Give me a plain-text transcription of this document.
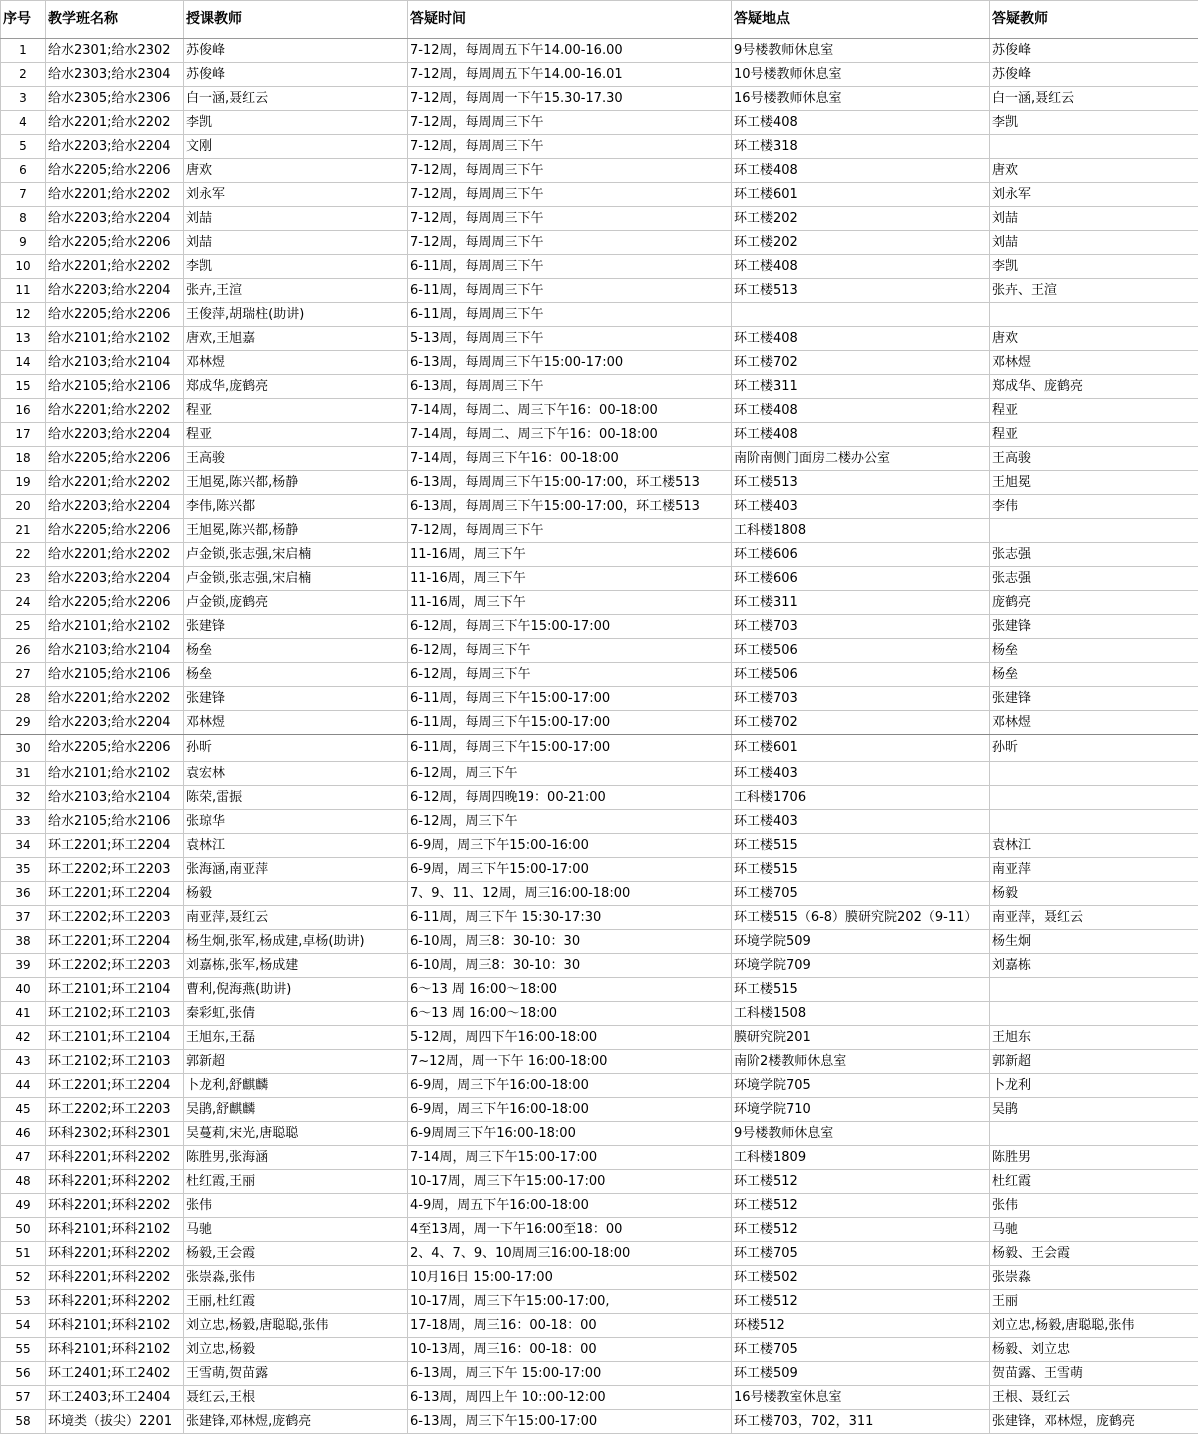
序号	教学班名称	授课教师	答疑时间	答疑地点	答疑教师
1	给水2301;给水2302	苏俊峰	7-12周，每周周五下午14.00-16.00	9号楼教师休息室	苏俊峰
2	给水2303;给水2304	苏俊峰	7-12周，每周周五下午14.00-16.01	10号楼教师休息室	苏俊峰
3	给水2305;给水2306	白一涵,聂红云	7-12周，每周周一下午15.30-17.30	16号楼教师休息室	白一涵,聂红云
4	给水2201;给水2202	李凯	7-12周，每周周三下午	环工楼408	李凯
5	给水2203;给水2204	文刚	7-12周，每周周三下午	环工楼318	
6	给水2205;给水2206	唐欢	7-12周，每周周三下午	环工楼408	唐欢
7	给水2201;给水2202	刘永军	7-12周，每周周三下午	环工楼601	刘永军
8	给水2203;给水2204	刘喆	7-12周，每周周三下午	环工楼202	刘喆
9	给水2205;给水2206	刘喆	7-12周，每周周三下午	环工楼202	刘喆
10	给水2201;给水2202	李凯	6-11周，每周周三下午	环工楼408	李凯
11	给水2203;给水2204	张卉,王渲	6-11周，每周周三下午	环工楼513	张卉、王渲
12	给水2205;给水2206	王俊萍,胡瑞柱(助讲)	6-11周，每周周三下午		
13	给水2101;给水2102	唐欢,王旭嘉	5-13周，每周周三下午	环工楼408	唐欢
14	给水2103;给水2104	邓林煜	6-13周，每周周三下午15:00-17:00	环工楼702	邓林煜
15	给水2105;给水2106	郑成华,庞鹤亮	6-13周，每周周三下午	环工楼311	郑成华、庞鹤亮
16	给水2201;给水2202	程亚	7-14周，每周二、周三下午16：00-18:00	环工楼408	程亚
17	给水2203;给水2204	程亚	7-14周，每周二、周三下午16：00-18:00	环工楼408	程亚
18	给水2205;给水2206	王高骏	7-14周，每周三下午16：00-18:00	南阶南侧门面房二楼办公室	王高骏
19	给水2201;给水2202	王旭冕,陈兴都,杨静	6-13周，每周周三下午15:00-17:00，环工楼513	环工楼513	王旭冕
20	给水2203;给水2204	李伟,陈兴都	6-13周，每周周三下午15:00-17:00，环工楼513	环工楼403	李伟
21	给水2205;给水2206	王旭冕,陈兴都,杨静	7-12周，每周周三下午	工科楼1808	
22	给水2201;给水2202	卢金锁,张志强,宋启楠	11-16周，周三下午	环工楼606	张志强
23	给水2203;给水2204	卢金锁,张志强,宋启楠	11-16周，周三下午	环工楼606	张志强
24	给水2205;给水2206	卢金锁,庞鹤亮	11-16周，周三下午	环工楼311	庞鹤亮
25	给水2101;给水2102	张建锋	6-12周，每周三下午15:00-17:00	环工楼703	张建锋
26	给水2103;给水2104	杨垒	6-12周，每周三下午	环工楼506	杨垒
27	给水2105;给水2106	杨垒	6-12周，每周三下午	环工楼506	杨垒
28	给水2201;给水2202	张建锋	6-11周，每周三下午15:00-17:00	环工楼703	张建锋
29	给水2203;给水2204	邓林煜	6-11周，每周三下午15:00-17:00	环工楼702	邓林煜
30	给水2205;给水2206	孙昕	6-11周，每周三下午15:00-17:00	环工楼601	孙昕
31	给水2101;给水2102	袁宏林	6-12周，周三下午	环工楼403	
32	给水2103;给水2104	陈荣,雷振	6-12周，每周四晚19：00-21:00	工科楼1706	
33	给水2105;给水2106	张琼华	6-12周，周三下午	环工楼403	
34	环工2201;环工2204	袁林江	6-9周，周三下午15:00-16:00	环工楼515	袁林江
35	环工2202;环工2203	张海涵,南亚萍	6-9周，周三下午15:00-17:00	环工楼515	南亚萍
36	环工2201;环工2204	杨毅	7、9、11、12周，周三16:00-18:00	环工楼705	杨毅
37	环工2202;环工2203	南亚萍,聂红云	6-11周，周三下午 15:30-17:30	环工楼515（6-8）膜研究院202（9-11）	南亚萍，聂红云
38	环工2201;环工2204	杨生炯,张军,杨成建,卓杨(助讲)	6-10周，周三8：30-10：30	环境学院509	杨生炯
39	环工2202;环工2203	刘嘉栋,张军,杨成建	6-10周，周三8：30-10：30	环境学院709	刘嘉栋
40	环工2101;环工2104	曹利,倪海燕(助讲)	6～13 周 16:00～18:00	环工楼515	
41	环工2102;环工2103	秦彩虹,张倩	6～13 周 16:00～18:00	工科楼1508	
42	环工2101;环工2104	王旭东,王磊	5-12周，周四下午16:00-18:00	膜研究院201	王旭东
43	环工2102;环工2103	郭新超	7~12周，周一下午 16:00-18:00	南阶2楼教师休息室	郭新超
44	环工2201;环工2204	卜龙利,舒麒麟	6-9周，周三下午16:00-18:00	环境学院705	卜龙利
45	环工2202;环工2203	吴鹃,舒麒麟	6-9周，周三下午16:00-18:00	环境学院710	吴鹃
46	环科2302;环科2301	吴蔓莉,宋光,唐聪聪	6-9周周三下午16:00-18:00	9号楼教师休息室	
47	环科2201;环科2202	陈胜男,张海涵	7-14周，周三下午15:00-17:00	工科楼1809	陈胜男
48	环科2201;环科2202	杜红霞,王丽	10-17周，周三下午15:00-17:00	环工楼512	杜红霞
49	环科2201;环科2202	张伟	4-9周，周五下午16:00-18:00	环工楼512	张伟
50	环科2101;环科2102	马驰	4至13周，周一下午16:00至18：00	环工楼512	马驰
51	环科2201;环科2202	杨毅,王会霞	2、4、7、9、10周周三16:00-18:00	环工楼705	杨毅、王会霞
52	环科2201;环科2202	张崇淼,张伟	10月16日 15:00-17:00	环工楼502	张崇淼
53	环科2201;环科2202	王丽,杜红霞	10-17周，周三下午15:00-17:00,	环工楼512	王丽
54	环科2101;环科2102	刘立忠,杨毅,唐聪聪,张伟	17-18周，周三16：00-18：00	环楼512	刘立忠,杨毅,唐聪聪,张伟
55	环科2101;环科2102	刘立忠,杨毅	10-13周，周三16：00-18：00	环工楼705	杨毅、刘立忠
56	环工2401;环工2402	王雪萌,贺苗露	6-13周，周三下午 15:00-17:00	环工楼509	贺苗露、王雪萌
57	环工2403;环工2404	聂红云,王根	6-13周，周四上午 10::00-12:00	16号楼教室休息室	王根、聂红云
58	环境类（拔尖）2201	张建锋,邓林煜,庞鹤亮	6-13周，周三下午15:00-17:00	环工楼703，702，311	张建锋，邓林煜，庞鹤亮
